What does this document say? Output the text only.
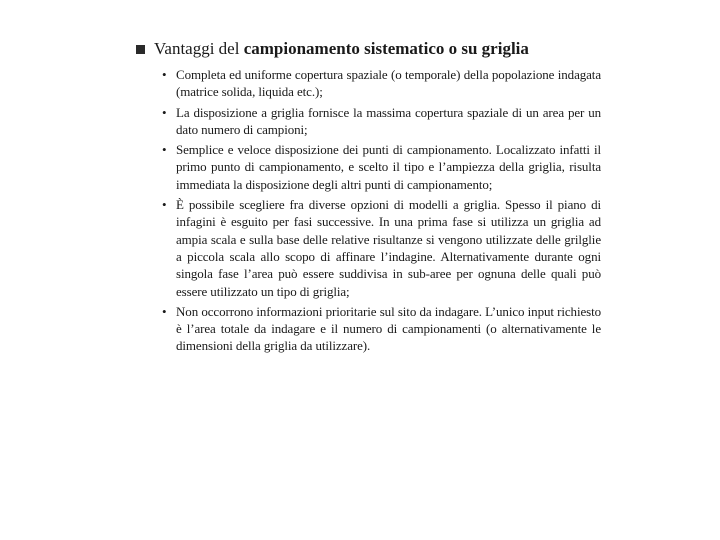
Vantaggi del campionamento sistematico o su griglia
• Completa ed uniforme copertura spaziale (o temporale) della popolazione indagata (matrice solida, liquida etc.);
• La disposizione a griglia fornisce la massima copertura spaziale di un area per un dato numero di campioni;
• Semplice e veloce disposizione dei punti di campionamento. Localizzato infatti il primo punto di campionamento, e scelto il tipo e l’ampiezza della griglia, risulta immediata la disposizione degli altri punti di campionamento;
• È possibile scegliere fra diverse opzioni di modelli a griglia. Spesso il piano di infagini è esguito per fasi successive. In una prima fase si utilizza un griglia ad ampia scala e sulla base delle relative risultanze si vengono utilizzate delle grilglie a piccola scala allo scopo di affinare l’indagine. Alternativamente durante ogni singola fase l’area può essere suddivisa in sub-aree per ognuna delle quali può essere utilizzato un tipo di griglia;
• Non occorrono informazioni prioritarie sul sito da indagare. L’unico input richiesto è l’area totale da indagare e il numero di campionamenti (o alternativamente le dimensioni della griglia da utilizzare).
